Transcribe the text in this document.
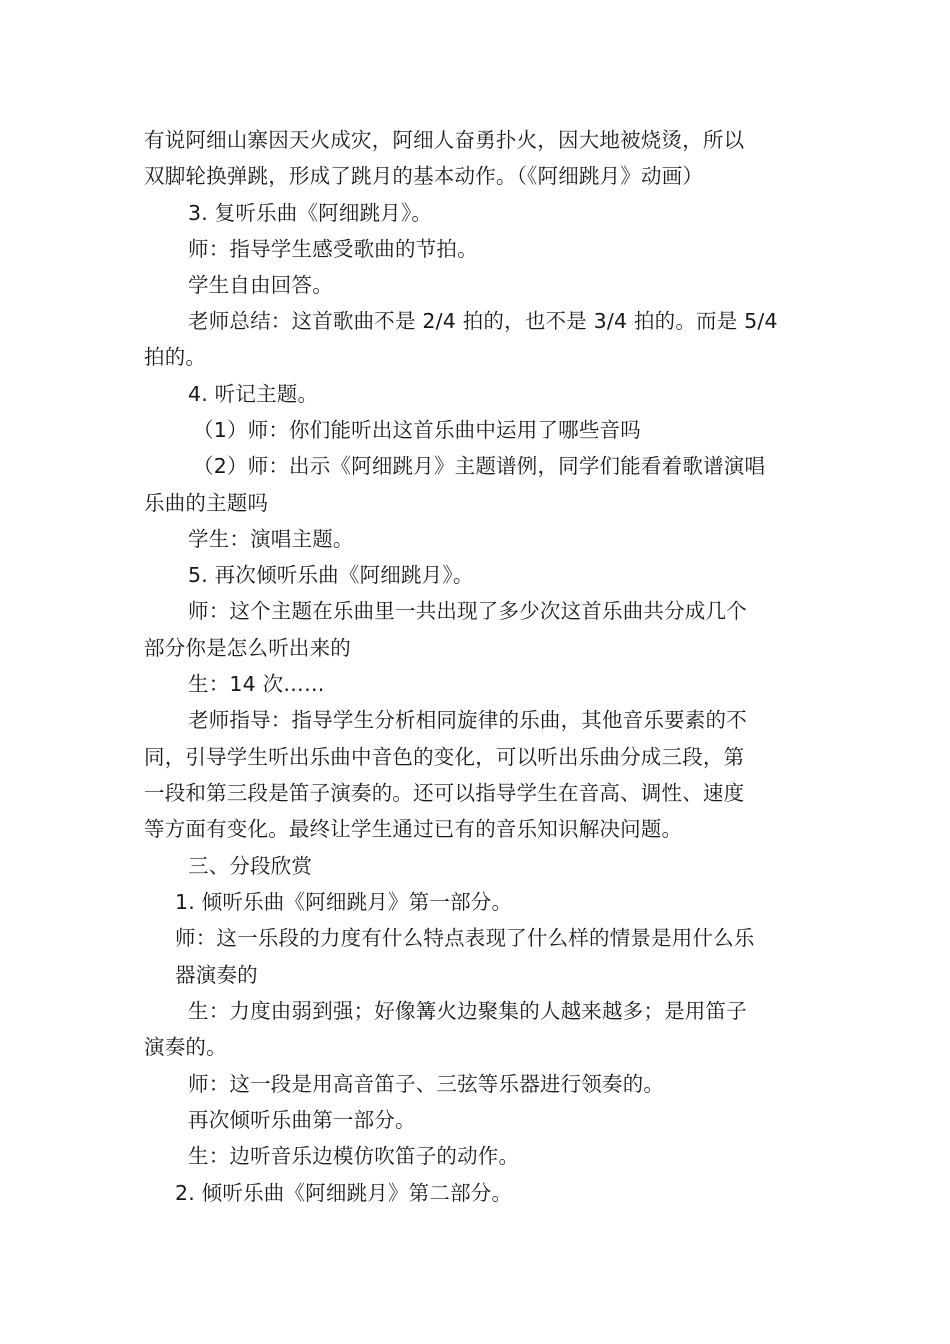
有说阿细山寨因天火成灾，阿细人奋勇扑火，因大地被烧烫，所以
双脚轮换弹跳，形成了跳月的基本动作。（《阿细跳月》动画）
3. 复听乐曲《阿细跳月》。
师：指导学生感受歌曲的节拍。
学生自由回答。
老师总结：这首歌曲不是 2/4 拍的，也不是 3/4 拍的。而是 5/4
拍的。
4. 听记主题。
（1）师：你们能听出这首乐曲中运用了哪些音吗
（2）师：出示《阿细跳月》主题谱例，同学们能看着歌谱演唱
乐曲的主题吗
学生：演唱主题。
5. 再次倾听乐曲《阿细跳月》。
师：这个主题在乐曲里一共出现了多少次这首乐曲共分成几个
部分你是怎么听出来的
生：14 次……
老师指导：指导学生分析相同旋律的乐曲，其他音乐要素的不
同，引导学生听出乐曲中音色的变化，可以听出乐曲分成三段，第
一段和第三段是笛子演奏的。还可以指导学生在音高、调性、速度
等方面有变化。最终让学生通过已有的音乐知识解决问题。
三、分段欣赏
1. 倾听乐曲《阿细跳月》第一部分。
师：这一乐段的力度有什么特点表现了什么样的情景是用什么乐
器演奏的
生：力度由弱到强；好像篝火边聚集的人越来越多；是用笛子
演奏的。
师：这一段是用高音笛子、三弦等乐器进行领奏的。
再次倾听乐曲第一部分。
生：边听音乐边模仿吹笛子的动作。
2. 倾听乐曲《阿细跳月》第二部分。
